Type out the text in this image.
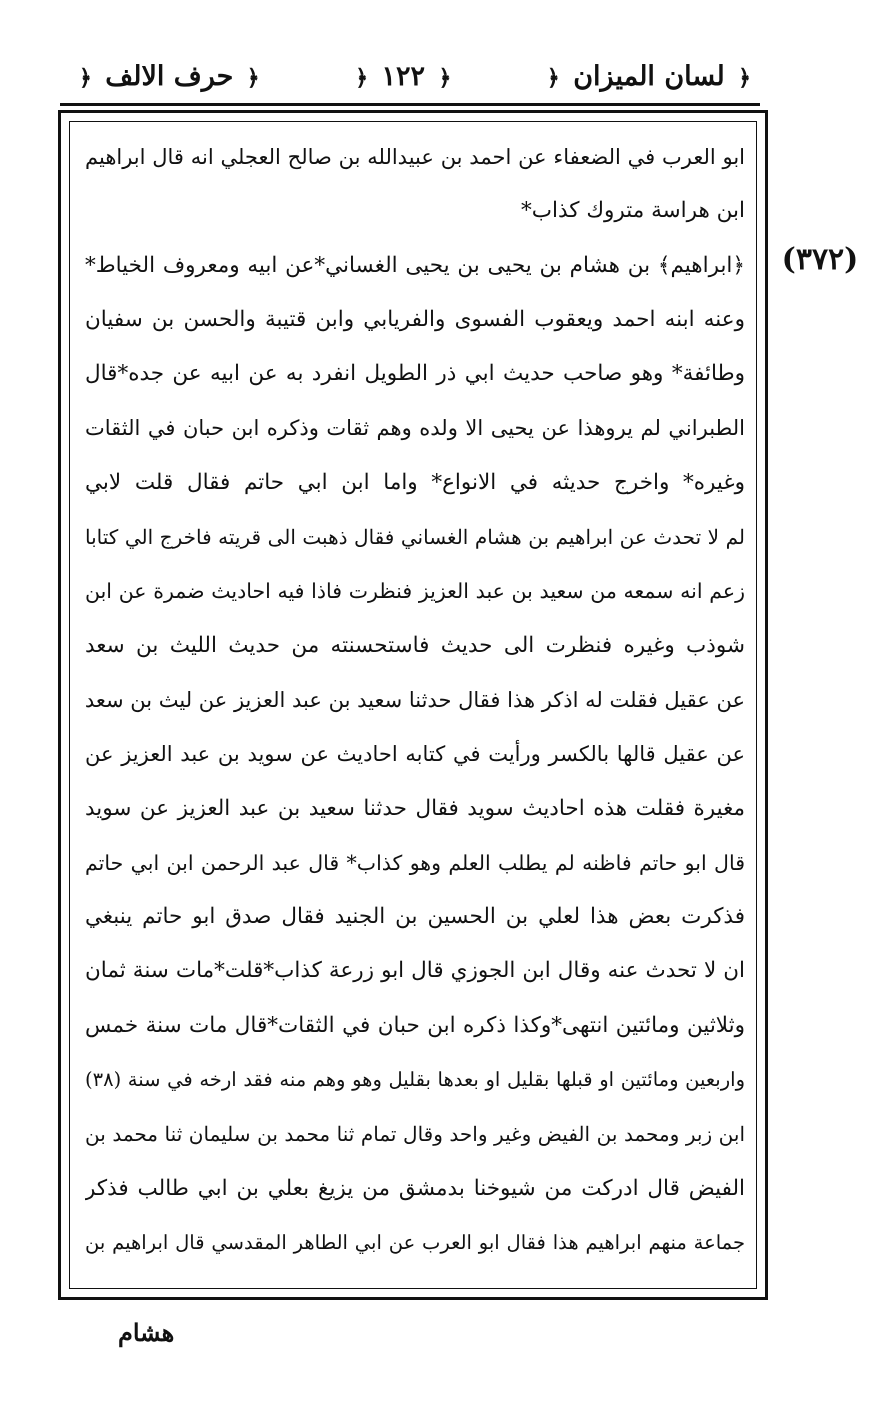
﴿ لسان الميزان ﴿
﴿ ١٢٢ ﴿
﴿ حرف الالف ﴿
(٣٧٢)
ابو العرب في الضعفاء عن احمد بن عبيدالله بن صالح العجلي انه قال ابراهيم
ابن هراسة متروك كذاب*
﴿ابراهيم﴾ بن هشام بن يحيى بن يحيى الغساني*عن ابيه ومعروف الخياط*
وعنه ابنه احمد ويعقوب الفسوى والفريابي وابن قتيبة والحسن بن سفيان
وطائفة* وهو صاحب حديث ابي ذر الطويل انفرد به عن ابيه عن جده*قال
الطبراني لم يروهذا عن يحيى الا ولده وهم ثقات وذكره ابن حبان في الثقات
وغيره* واخرج حديثه في الانواع* واما ابن ابي حاتم فقال قلت لابي
لم لا تحدث عن ابراهيم بن هشام الغساني فقال ذهبت الى قريته فاخرج الي كتابا
زعم انه سمعه من سعيد بن عبد العزيز فنظرت فاذا فيه احاديث ضمرة عن ابن
شوذب وغيره فنظرت الى حديث فاستحسنته من حديث الليث بن سعد
عن عقيل فقلت له اذكر هذا فقال حدثنا سعيد بن عبد العزيز عن ليث بن سعد
عن عقيل قالها بالكسر ورأيت في كتابه احاديث عن سويد بن عبد العزيز عن
مغيرة فقلت هذه احاديث سويد فقال حدثنا سعيد بن عبد العزيز عن سويد
قال ابو حاتم فاظنه لم يطلب العلم وهو كذاب* قال عبد الرحمن ابن ابي حاتم
فذكرت بعض هذا لعلي بن الحسين بن الجنيد فقال صدق ابو حاتم ينبغي
ان لا تحدث عنه وقال ابن الجوزي قال ابو زرعة كذاب*قلت*مات سنة ثمان
وثلاثين ومائتين انتهى*وكذا ذكره ابن حبان في الثقات*قال مات سنة خمس
واربعين ومائتين او قبلها بقليل او بعدها بقليل وهو وهم منه فقد ارخه في سنة (٣٨)
ابن زبر ومحمد بن الفيض وغير واحد وقال تمام ثنا محمد بن سليمان ثنا محمد بن
الفيض قال ادركت من شيوخنا بدمشق من يزيغ بعلي بن ابي طالب فذكر
جماعة منهم ابراهيم هذا فقال ابو العرب عن ابي الطاهر المقدسي قال ابراهيم بن
هشام
